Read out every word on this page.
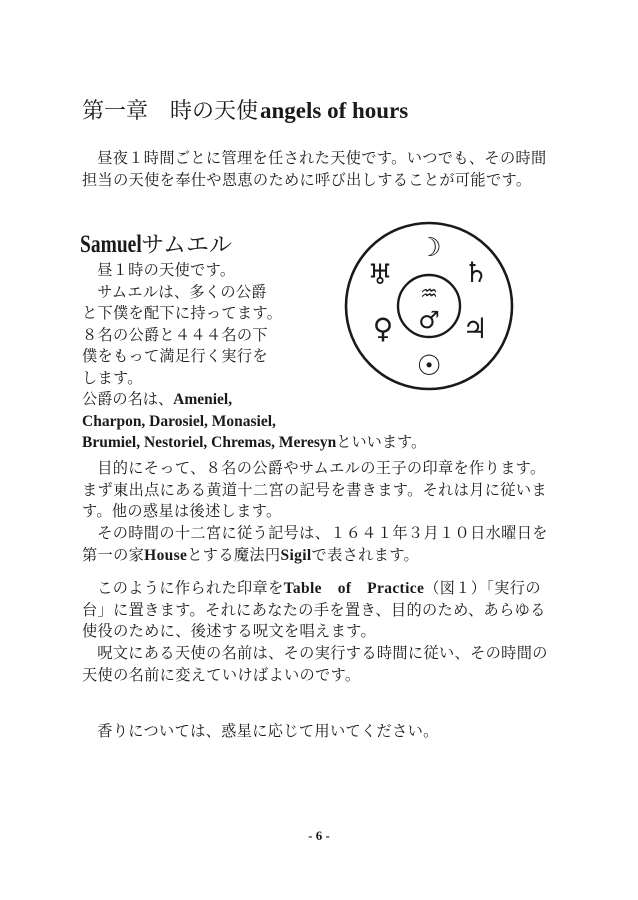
第一章　時の天使angels of hours

昼夜１時間ごとに管理を任された天使です。いつでも、その時間担当の天使を奉仕や恩恵のために呼び出しすることが可能です。

Samuelサムエル

昼１時の天使です。

サムエルは、多くの公爵

と下僕を配下に持ってます。

８名の公爵と４４４名の下

僕をもって満足行く実行を

します。

公爵の名は、Ameniel,

Charpon, Darosiel, Monasiel,

Brumiel, Nestoriel, Chremas, Meresynといいます。

☽
♅	♄
♒
♂
♀ ♃
☉

目的にそって、８名の公爵やサムエルの王子の印章を作ります。まず東出点にある黄道十二宮の記号を書きます。それは月に従います。他の惑星は後述します。

その時間の十二宮に従う記号は、１６４１年３月１０日水曜日を第一の家Houseとする魔法円Sigilで表されます。

このように作られた印章をTable　of　Practice（図１）「実行の台」に置きます。それにあなたの手を置き、目的のため、あらゆる使役のために、後述する呪文を唱えます。

呪文にある天使の名前は、その実行する時間に従い、その時間の天使の名前に変えていけばよいのです。

香りについては、惑星に応じて用いてください。

- 6 -
